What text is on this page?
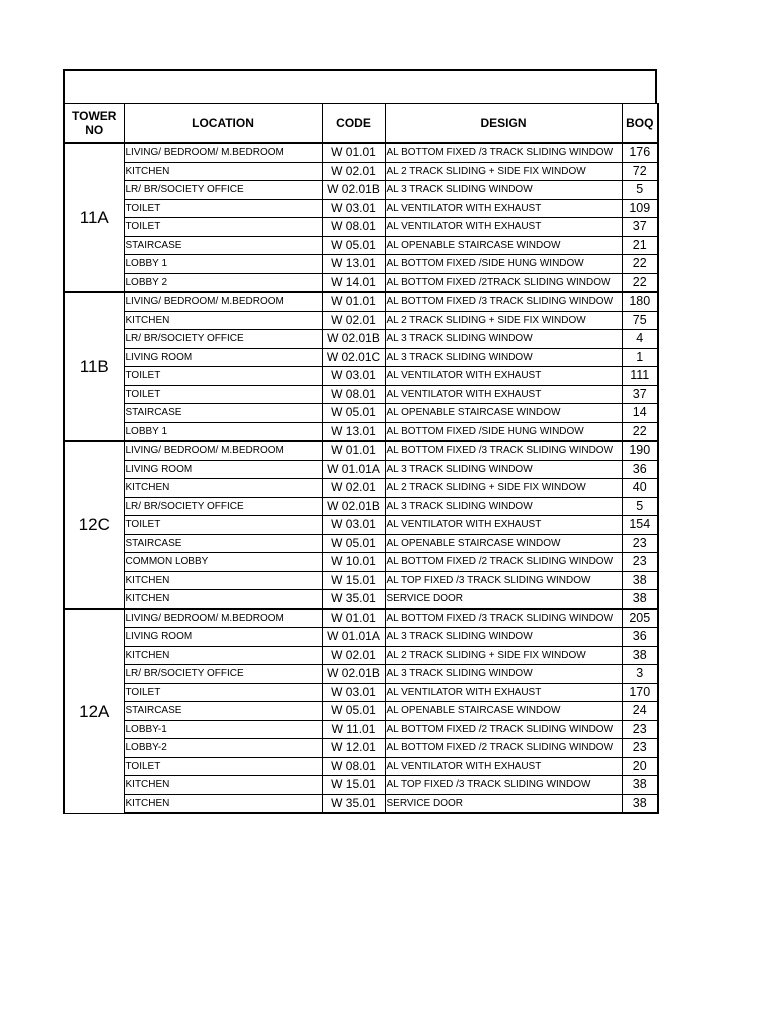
TOWER NO	LOCATION	CODE	DESIGN	BOQ
11A	LIVING/ BEDROOM/ M.BEDROOM	W 01.01	AL BOTTOM FIXED /3 TRACK SLIDING WINDOW	176
	KITCHEN	W 02.01	AL 2 TRACK SLIDING + SIDE FIX WINDOW	72
	LR/ BR/SOCIETY OFFICE	W 02.01B	AL 3 TRACK SLIDING WINDOW	5
	TOILET	W 03.01	AL VENTILATOR WITH EXHAUST	109
	TOILET	W 08.01	AL VENTILATOR WITH EXHAUST	37
	STAIRCASE	W 05.01	AL OPENABLE STAIRCASE WINDOW	21
	LOBBY 1	W 13.01	AL BOTTOM FIXED /SIDE HUNG WINDOW	22
	LOBBY 2	W 14.01	AL BOTTOM FIXED /2TRACK SLIDING WINDOW	22
11B	LIVING/ BEDROOM/ M.BEDROOM	W 01.01	AL BOTTOM FIXED /3 TRACK SLIDING WINDOW	180
	KITCHEN	W 02.01	AL 2 TRACK SLIDING + SIDE FIX WINDOW	75
	LR/ BR/SOCIETY OFFICE	W 02.01B	AL 3 TRACK SLIDING WINDOW	4
	LIVING ROOM	W 02.01C	AL 3 TRACK SLIDING WINDOW	1
	TOILET	W 03.01	AL VENTILATOR WITH EXHAUST	111
	TOILET	W 08.01	AL VENTILATOR WITH EXHAUST	37
	STAIRCASE	W 05.01	AL OPENABLE STAIRCASE WINDOW	14
	LOBBY 1	W 13.01	AL BOTTOM FIXED /SIDE HUNG WINDOW	22
12C	LIVING/ BEDROOM/ M.BEDROOM	W 01.01	AL BOTTOM FIXED /3 TRACK SLIDING WINDOW	190
	LIVING ROOM	W 01.01A	AL 3 TRACK SLIDING WINDOW	36
	KITCHEN	W 02.01	AL 2 TRACK SLIDING + SIDE FIX WINDOW	40
	LR/ BR/SOCIETY OFFICE	W 02.01B	AL 3 TRACK SLIDING WINDOW	5
	TOILET	W 03.01	AL VENTILATOR WITH EXHAUST	154
	STAIRCASE	W 05.01	AL OPENABLE STAIRCASE WINDOW	23
	COMMON LOBBY	W 10.01	AL BOTTOM FIXED /2 TRACK SLIDING WINDOW	23
	KITCHEN	W 15.01	AL TOP FIXED /3 TRACK SLIDING WINDOW	38
	KITCHEN	W 35.01	SERVICE DOOR	38
12A	LIVING/ BEDROOM/ M.BEDROOM	W 01.01	AL BOTTOM FIXED /3 TRACK SLIDING WINDOW	205
	LIVING ROOM	W 01.01A	AL 3 TRACK SLIDING WINDOW	36
	KITCHEN	W 02.01	AL 2 TRACK SLIDING + SIDE FIX WINDOW	38
	LR/ BR/SOCIETY OFFICE	W 02.01B	AL 3 TRACK SLIDING WINDOW	3
	TOILET	W 03.01	AL VENTILATOR WITH EXHAUST	170
	STAIRCASE	W 05.01	AL OPENABLE STAIRCASE WINDOW	24
	LOBBY-1	W 11.01	AL BOTTOM FIXED /2 TRACK SLIDING WINDOW	23
	LOBBY-2	W 12.01	AL BOTTOM FIXED /2 TRACK SLIDING WINDOW	23
	TOILET	W 08.01	AL VENTILATOR WITH EXHAUST	20
	KITCHEN	W 15.01	AL TOP FIXED /3 TRACK SLIDING WINDOW	38
	KITCHEN	W 35.01	SERVICE DOOR	38
